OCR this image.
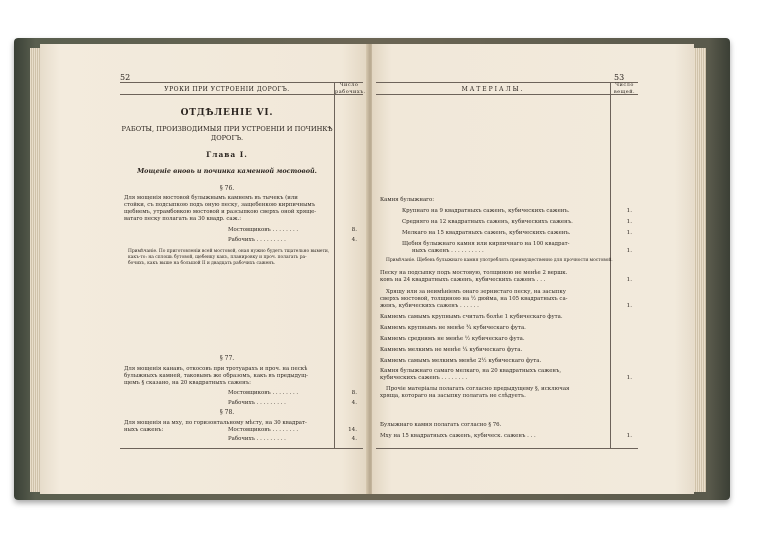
52
УРОКИ ПРИ УСТРОЕНІИ ДОРОГЪ.
Число рабочихъ.
ОТДѢЛЕНІЕ VI.
РАБОТЫ, ПРОИЗВОДИМЫЯ ПРИ УСТРОЕНІИ И ПОЧИНКѢ
ДОРОГЪ.
Глава I.
Мощеніе вновь и починка каменной мостовой.
§ 76.
Для мощенія мостовой булыжнымъ камнемъ въ тычекъ (или
стойки, съ подсыпкою подъ оную песку, защебенкою кирпичнымъ
щебнемъ, утрамбовкою мостовой и разсыпкою сверхъ оной хряще-
ватаго песку полагать на 30 квадр. саж.:
Мостовщиковъ . . . . . . . .	8.
Рабочихъ . . . . . . . . .	4.
Примѣчаніе. По приготовленіи всей мостовой, оная нужно будетъ тщательно вымети,
какъ-то: на сплошь бутовой, щебенку какъ, планировку и проч. полагать ра-
бочихъ, какъ выше на большой II и двадцать рабочихъ саженъ.
§ 77.
Для мощенія канавъ, откосовъ при тротуарахъ и проч. на пескѣ
булыжныхъ камней, таковымъ же образомъ, какъ въ предыдущ-
щемъ § сказано, на 20 квадратныхъ саженъ:
Мостовщиковъ . . . . . . . .	8.
Рабочихъ . . . . . . . . .	4.
§ 78.
Для мощенія на мху, по горизонтальному мѣсту, на 30 квадрат-
ныхъ саженъ:	Мостовщиковъ . . . . . . . .	14.
Рабочихъ . . . . . . . . .	4.
53
МАТЕРІАЛЫ.
Число вещей.
Камня булыжнаго:
Крупнаго на 9 квадратныхъ саженъ, кубическихъ саженъ.	1.
Средняго на 12 квадратныхъ саженъ, кубическихъ саженъ.	1.
Мелкаго на 15 квадратныхъ саженъ, кубическихъ саженъ.	1.
Щебня булыжнаго камня или кирпичнаго на 100 квадрат-
ныхъ саженъ . . . . . . . . . .	1.
Примѣчаніе. Щебень булыжнаго камня употреблять преимущественно для прочности мостовой.
Песку на подсыпку подъ мостовую, толщиною не менѣе 2 вершк.
ковъ на 24 квадратныхъ саженъ, кубическихъ саженъ . . .	1.
Хрящу или за неимѣніемъ онаго зернистаго песку, на засыпку
сверхъ мостовой, толщиною на ½ дюйма, на 105 квадратныхъ са-
женъ, кубическихъ саженъ . . . . . .	1.
Камнемъ самымъ крупнымъ считать болѣе 1 кубическаго фута.
Камнемъ крупнымъ не менѣе ¾ кубическаго фута.
Камнемъ среднимъ не менѣе ½ кубическаго фута.
Камнемъ мелкимъ не менѣе ¼ кубическаго фута.
Камнемъ самымъ мелкимъ менѣе 2½ кубическаго фута.
Камня булыжнаго самаго мелкаго, на 20 квадратныхъ саженъ,
кубическихъ саженъ . . . . . . . .	1.
Прочіе матеріалы полагать согласно предыдущему §, исключая
хряща, котораго на засыпку полагать не слѣдуетъ.
Булыжнаго камня полагать согласно § 76.
Мху на 15 квадратныхъ саженъ, кубическ. саженъ . . .	1.
